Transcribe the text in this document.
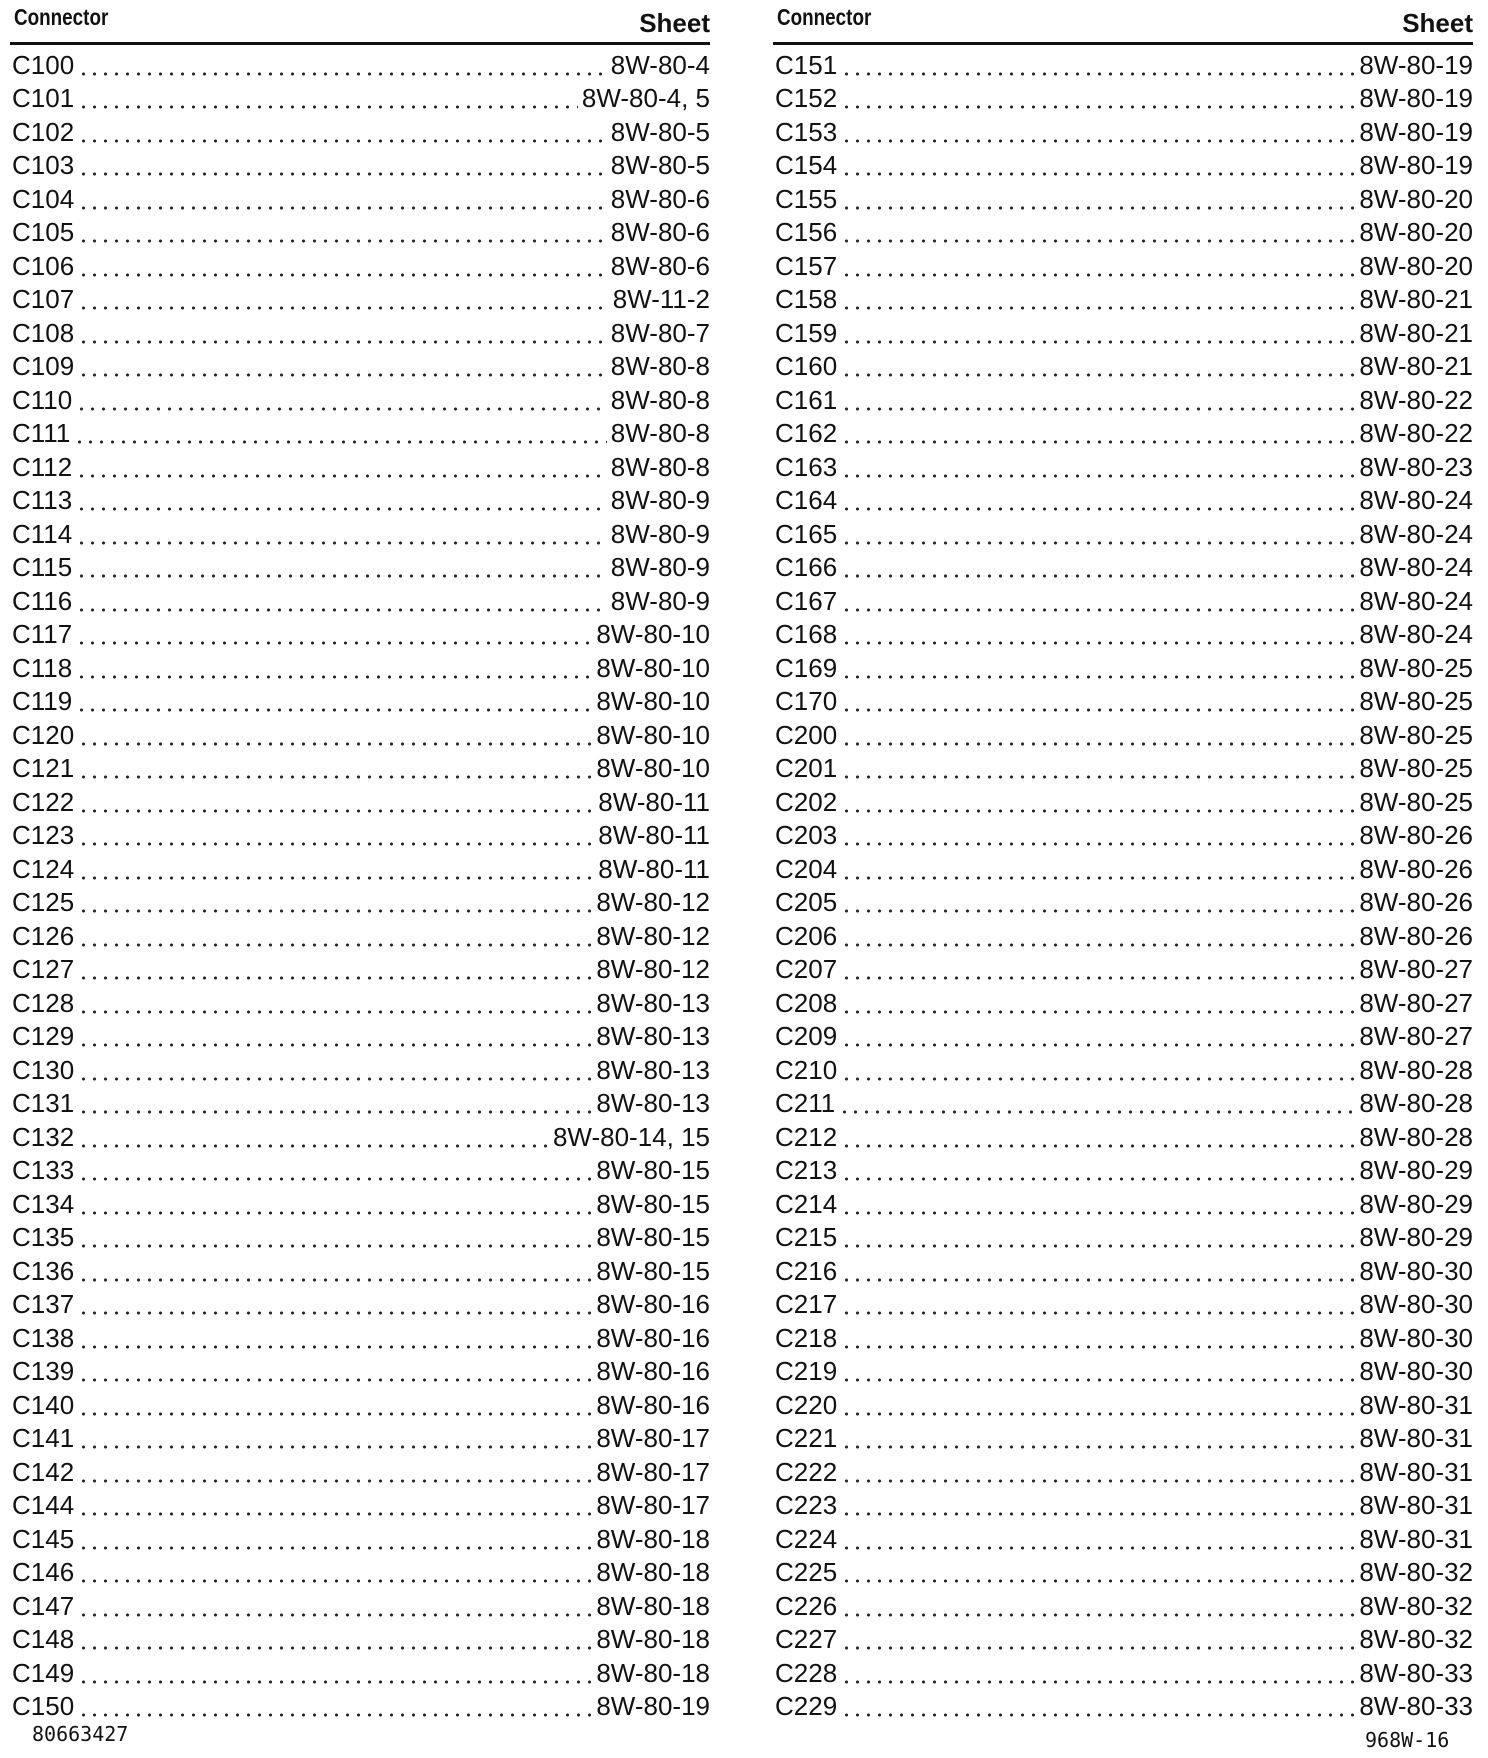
Connector	Sheet
C100	8W-80-4
C101	8W-80-4, 5
C102	8W-80-5
C103	8W-80-5
C104	8W-80-6
C105	8W-80-6
C106	8W-80-6
C107	8W-11-2
C108	8W-80-7
C109	8W-80-8
C110	8W-80-8
C111	8W-80-8
C112	8W-80-8
C113	8W-80-9
C114	8W-80-9
C115	8W-80-9
C116	8W-80-9
C117	8W-80-10
C118	8W-80-10
C119	8W-80-10
C120	8W-80-10
C121	8W-80-10
C122	8W-80-11
C123	8W-80-11
C124	8W-80-11
C125	8W-80-12
C126	8W-80-12
C127	8W-80-12
C128	8W-80-13
C129	8W-80-13
C130	8W-80-13
C131	8W-80-13
C132	8W-80-14, 15
C133	8W-80-15
C134	8W-80-15
C135	8W-80-15
C136	8W-80-15
C137	8W-80-16
C138	8W-80-16
C139	8W-80-16
C140	8W-80-16
C141	8W-80-17
C142	8W-80-17
C144	8W-80-17
C145	8W-80-18
C146	8W-80-18
C147	8W-80-18
C148	8W-80-18
C149	8W-80-18
C150	8W-80-19
Connector	Sheet
C151	8W-80-19
C152	8W-80-19
C153	8W-80-19
C154	8W-80-19
C155	8W-80-20
C156	8W-80-20
C157	8W-80-20
C158	8W-80-21
C159	8W-80-21
C160	8W-80-21
C161	8W-80-22
C162	8W-80-22
C163	8W-80-23
C164	8W-80-24
C165	8W-80-24
C166	8W-80-24
C167	8W-80-24
C168	8W-80-24
C169	8W-80-25
C170	8W-80-25
C200	8W-80-25
C201	8W-80-25
C202	8W-80-25
C203	8W-80-26
C204	8W-80-26
C205	8W-80-26
C206	8W-80-26
C207	8W-80-27
C208	8W-80-27
C209	8W-80-27
C210	8W-80-28
C211	8W-80-28
C212	8W-80-28
C213	8W-80-29
C214	8W-80-29
C215	8W-80-29
C216	8W-80-30
C217	8W-80-30
C218	8W-80-30
C219	8W-80-30
C220	8W-80-31
C221	8W-80-31
C222	8W-80-31
C223	8W-80-31
C224	8W-80-31
C225	8W-80-32
C226	8W-80-32
C227	8W-80-32
C228	8W-80-33
C229	8W-80-33
80663427	968W-16
